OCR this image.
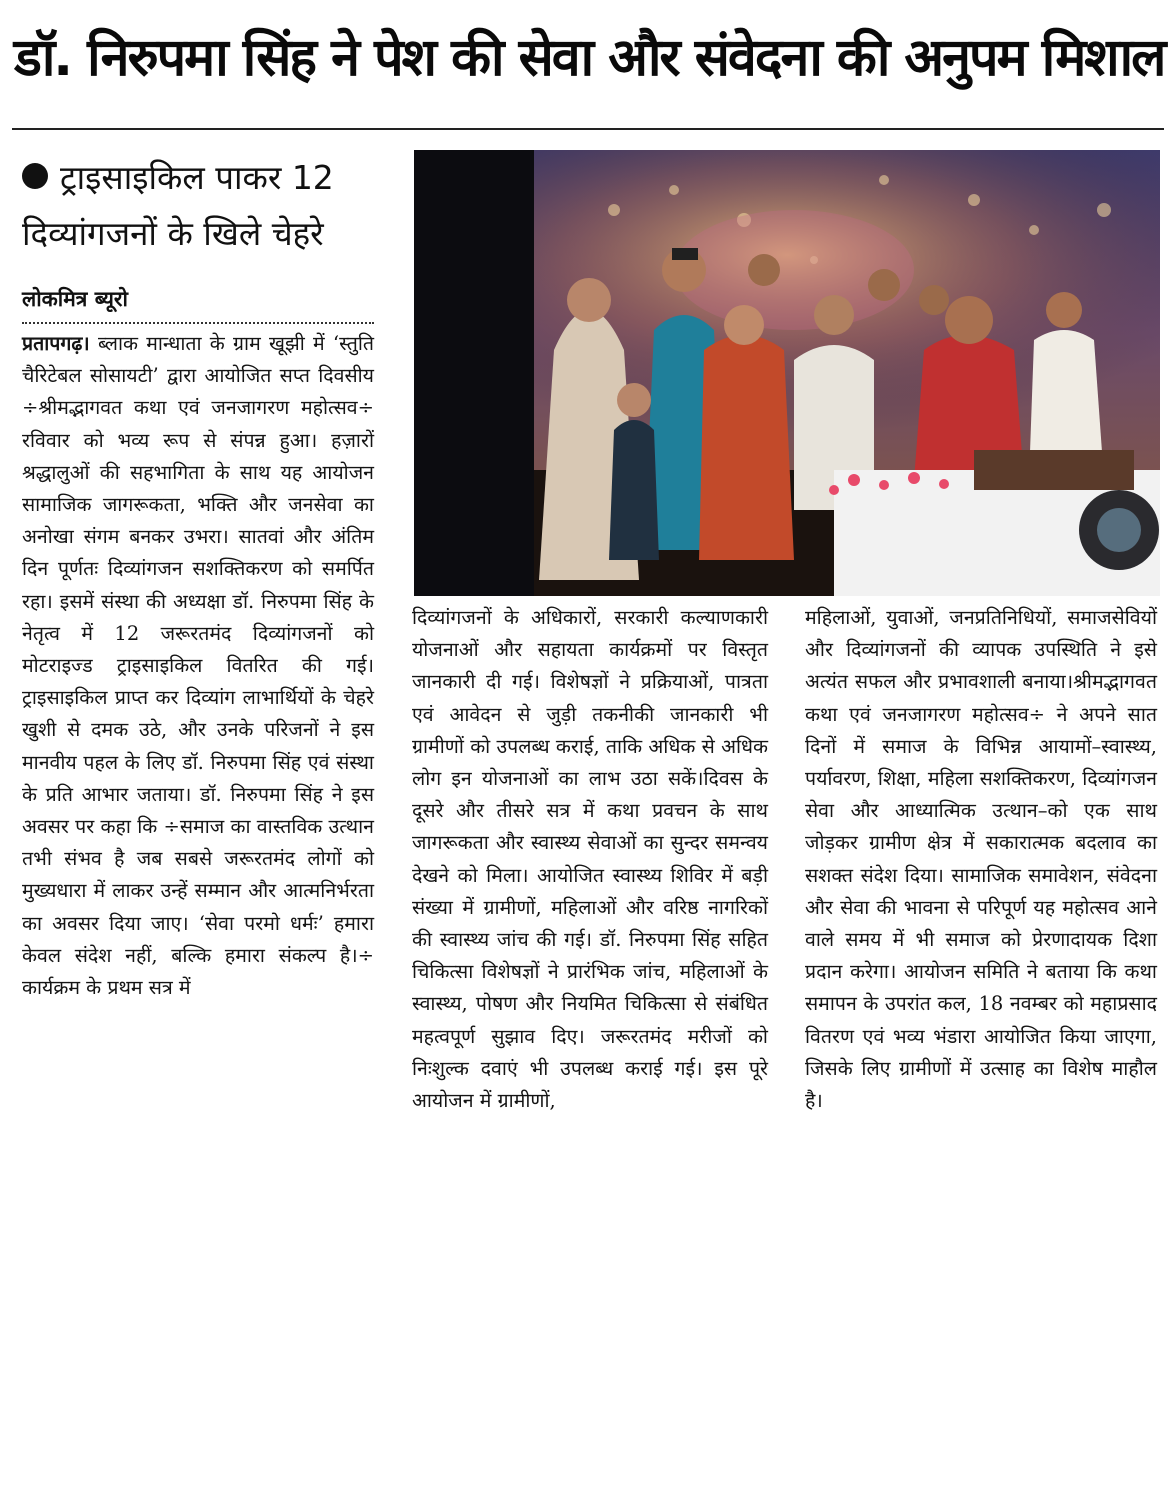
डॉ. निरुपमा सिंह ने पेश की सेवा और संवेदना की अनुपम मिशाल
ट्राइसाइकिल पाकर 12 दिव्यांगजनों के खिले चेहरे
लोकमित्र ब्यूरो

प्रतापगढ़। ब्लाक मान्धाता के ग्राम खूझी में ‘स्तुति चैरिटेबल सोसायटी’ द्वारा आयोजित सप्त दिवसीय ÷श्रीमद्भागवत कथा एवं जनजागरण महोत्सव÷ रविवार को भव्य रूप से संपन्न हुआ। हज़ारों श्रद्धालुओं की सहभागिता के साथ यह आयोजन सामाजिक जागरूकता, भक्ति और जनसेवा का अनोखा संगम बनकर उभरा। सातवां और अंतिम दिन पूर्णतः दिव्यांगजन सशक्तिकरण को समर्पित रहा। इसमें संस्था की अध्यक्षा डॉ. निरुपमा सिंह के नेतृत्व में 12 जरूरतमंद दिव्यांगजनों को मोटराइज्ड ट्राइसाइकिल वितरित की गई। ट्राइसाइकिल प्राप्त कर दिव्यांग लाभार्थियों के चेहरे खुशी से दमक उठे, और उनके परिजनों ने इस मानवीय पहल के लिए डॉ. निरुपमा सिंह एवं संस्था के प्रति आभार जताया। डॉ. निरुपमा सिंह ने इस अवसर पर कहा कि ÷समाज का वास्तविक उत्थान तभी संभव है जब सबसे जरूरतमंद लोगों को मुख्यधारा में लाकर उन्हें सम्मान और आत्मनिर्भरता का अवसर दिया जाए। ‘सेवा परमो धर्मः’ हमारा केवल संदेश नहीं, बल्कि हमारा संकल्प है।÷ कार्यक्रम के प्रथम सत्र में

दिव्यांगजनों के अधिकारों, सरकारी कल्याणकारी योजनाओं और सहायता कार्यक्रमों पर विस्तृत जानकारी दी गई। विशेषज्ञों ने प्रक्रियाओं, पात्रता एवं आवेदन से जुड़ी तकनीकी जानकारी भी ग्रामीणों को उपलब्ध कराई, ताकि अधिक से अधिक लोग इन योजनाओं का लाभ उठा सकें।दिवस के दूसरे और तीसरे सत्र में कथा प्रवचन के साथ जागरूकता और स्वास्थ्य सेवाओं का सुन्दर समन्वय देखने को मिला। आयोजित स्वास्थ्य शिविर में बड़ी संख्या में ग्रामीणों, महिलाओं और वरिष्ठ नागरिकों की स्वास्थ्य जांच की गई। डॉ. निरुपमा सिंह सहित चिकित्सा विशेषज्ञों ने प्रारंभिक जांच, महिलाओं के स्वास्थ्य, पोषण और नियमित चिकित्सा से संबंधित महत्वपूर्ण सुझाव दिए। जरूरतमंद मरीजों को निःशुल्क दवाएं भी उपलब्ध कराई गई। इस पूरे आयोजन में ग्रामीणों,

महिलाओं, युवाओं, जनप्रतिनिधियों, समाजसेवियों और दिव्यांगजनों की व्यापक उपस्थिति ने इसे अत्यंत सफल और प्रभावशाली बनाया।श्रीमद्भागवत कथा एवं जनजागरण महोत्सव÷ ने अपने सात दिनों में समाज के विभिन्न आयामों–स्वास्थ्य, पर्यावरण, शिक्षा, महिला सशक्तिकरण, दिव्यांगजन सेवा और आध्यात्मिक उत्थान–को एक साथ जोड़कर ग्रामीण क्षेत्र में सकारात्मक बदलाव का सशक्त संदेश दिया। सामाजिक समावेशन, संवेदना और सेवा की भावना से परिपूर्ण यह महोत्सव आने वाले समय में भी समाज को प्रेरणादायक दिशा प्रदान करेगा। आयोजन समिति ने बताया कि कथा समापन के उपरांत कल, 18 नवम्बर को महाप्रसाद वितरण एवं भव्य भंडारा आयोजित किया जाएगा, जिसके लिए ग्रामीणों में उत्साह का विशेष माहौल है।
